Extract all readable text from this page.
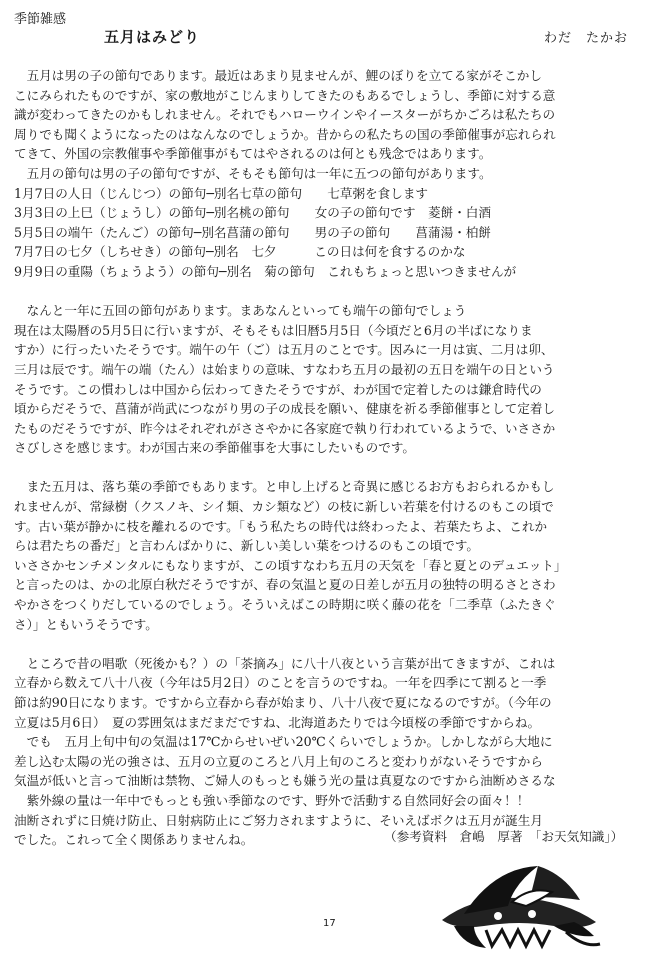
季節雑感
五月はみどり	わだ　たかお
　五月は男の子の節句であります。最近はあまり見ませんが、鯉のぼりを立てる家がそこかし
こにみられたものですが、家の敷地がこじんまりしてきたのもあるでしょうし、季節に対する意
識が変わってきたのかもしれません。それでもハローウインやイースターがちかごろは私たちの
周りでも聞くようになったのはなんなのでしょうか。昔からの私たちの国の季節催事が忘れられ
てきて、外国の宗教催事や季節催事がもてはやされるのは何とも残念ではあります。
　五月の節句は男の子の節句ですが、そもそも節句は一年に五つの節句があります。
1月7日の人日（じんじつ）の節句─別名七草の節句　　七草粥を食します
3月3日の上巳（じょうし）の節句─別名桃の節句　　女の子の節句です　菱餅・白酒
5月5日の端午（たんご）の節句─別名菖蒲の節句　　男の子の節句　　菖蒲湯・柏餅
7月7日の七夕（しちせき）の節句─別名　七夕　　　この日は何を食するのかな
9月9日の重陽（ちょうよう）の節句─別名　菊の節句　これもちょっと思いつきませんが
　なんと一年に五回の節句があります。まあなんといっても端午の節句でしょう
現在は太陽暦の5月5日に行いますが、そもそもは旧暦5月5日（今頃だと6月の半ばになりま
すか）に行ったいたそうです。端午の午（ご）は五月のことです。因みに一月は寅、二月は卯、
三月は辰です。端午の端（たん）は始まりの意味、すなわち五月の最初の五日を端午の日という
そうです。この慣わしは中国から伝わってきたそうですが、わが国で定着したのは鎌倉時代の
頃からだそうで、菖蒲が尚武につながり男の子の成長を願い、健康を祈る季節催事として定着し
たものだそうですが、昨今はそれぞれがささやかに各家庭で執り行われているようで、いささか
さびしさを感じます。わが国古来の季節催事を大事にしたいものです。
　また五月は、落ち葉の季節でもあります。と申し上げると奇異に感じるお方もおられるかもし
れませんが、常緑樹（クスノキ、シイ類、カシ類など）の枝に新しい若葉を付けるのもこの頃で
す。古い葉が静かに枝を離れるのです。「もう私たちの時代は終わったよ、若葉たちよ、これか
らは君たちの番だ」と言わんばかりに、新しい美しい葉をつけるのもこの頃です。
いささかセンチメンタルにもなりますが、この頃すなわち五月の天気を「春と夏とのデュエット」
と言ったのは、かの北原白秋だそうですが、春の気温と夏の日差しが五月の独特の明るさとさわ
やかさをつくりだしているのでしょう。そういえばこの時期に咲く藤の花を「二季草（ふたきぐ
さ）」ともいうそうです。
　ところで昔の唱歌（死後かも？）の「茶摘み」に八十八夜という言葉が出てきますが、これは
立春から数えて八十八夜（今年は5月2日）のことを言うのですね。一年を四季にて割ると一季
節は約90日になります。ですから立春から春が始まり、八十八夜で夏になるのですが。（今年の
立夏は5月6日）　夏の雰囲気はまだまだですね、北海道あたりでは今頃桜の季節ですからね。
　でも　五月上旬中旬の気温は17℃からせいぜい20℃くらいでしょうか。しかしながら大地に
差し込む太陽の光の強さは、五月の立夏のころと八月上旬のころと変わりがないそうですから
気温が低いと言って油断は禁物、ご婦人のもっとも嫌う光の量は真夏なのですから油断めさるな
　紫外線の量は一年中でもっとも強い季節なのです、野外で活動する自然同好会の面々！！
油断されずに日焼け防止、日射病防止にご努力されますように、そいえばボクは五月が誕生月
でした。これって全く関係ありませんね。	（参考資料　倉嶋　厚著　「お天気知識」）
17
